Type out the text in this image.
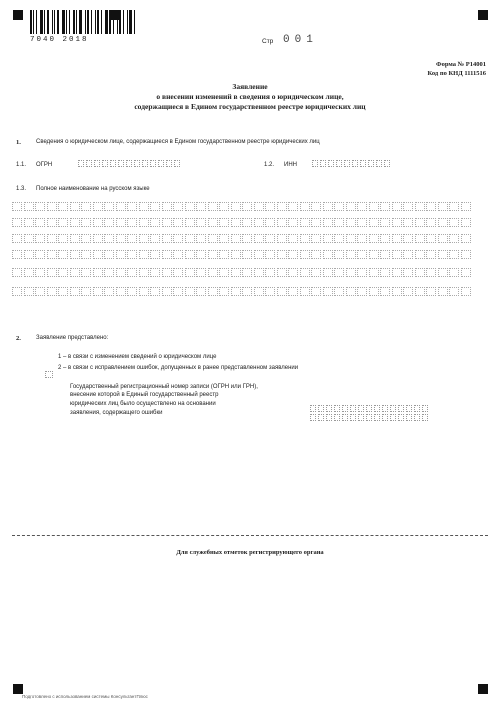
7040 2018	Стр 001
Форма № Р14001
Код по КНД 1111516
Заявление
о внесении изменений в сведения о юридическом лице,
содержащиеся в Едином государственном реестре юридических лиц
1.	Сведения о юридическом лице, содержащиеся в Едином государственном реестре юридических лиц
1.1. ОГРН	1.2. ИНН
1.3. Полное наименование на русском языке
2.	Заявление представлено:
1 – в связи с изменением сведений о юридическом лице
2 – в связи с исправлением ошибок, допущенных в ранее представленном заявлении
Государственный регистрационный номер записи (ОГРН или ГРН),
внесение которой в Единый государственный реестр
юридических лиц было осуществлено на основании
заявления, содержащего ошибки
Для служебных отметок регистрирующего органа
Подготовлено с использованием системы КонсультантПлюс
